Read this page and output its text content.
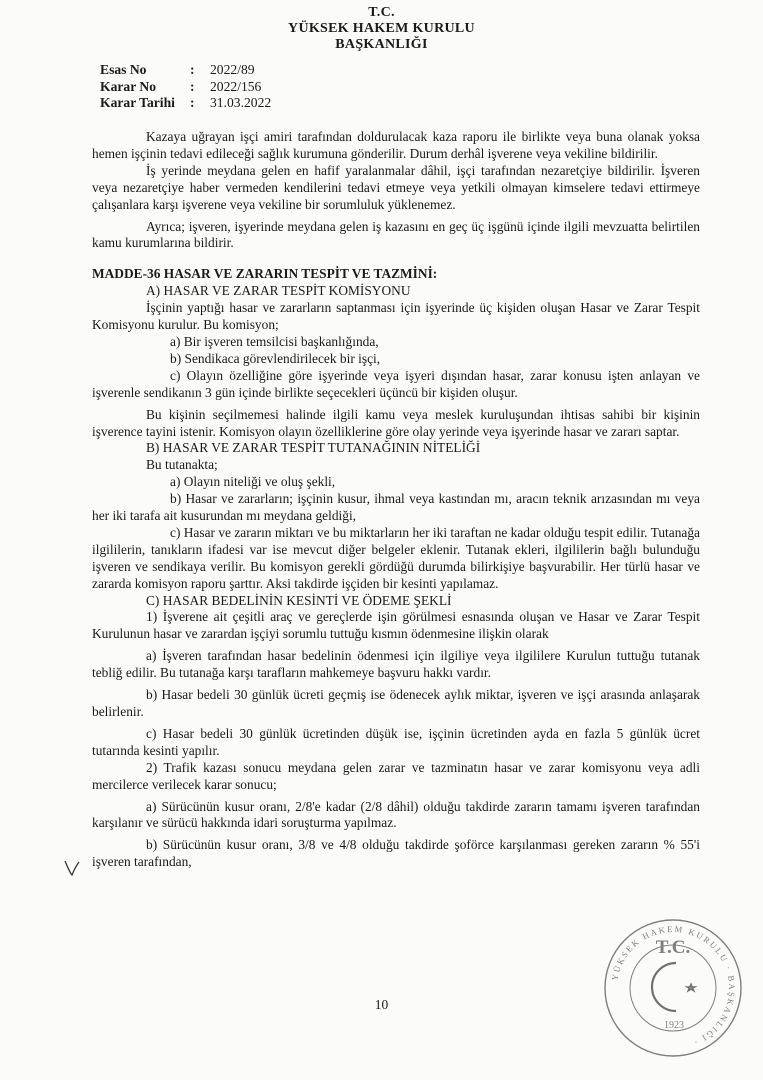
T.C.
YÜKSEK HAKEM KURULU
BAŞKANLIĞI
Esas No	:	2022/89
Karar No	:	2022/156
Karar Tarihi	:	31.03.2022

Kazaya uğrayan işçi amiri tarafından doldurulacak kaza raporu ile birlikte veya buna olanak yoksa hemen işçinin tedavi edileceği sağlık kurumuna gönderilir. Durum derhâl işverene veya vekiline bildirilir.

İş yerinde meydana gelen en hafif yaralanmalar dâhil, işçi tarafından nezaretçiye bildirilir. İşveren veya nezaretçiye haber vermeden kendilerini tedavi etmeye veya yetkili olmayan kimselere tedavi ettirmeye çalışanlara karşı işverene veya vekiline bir sorumluluk yüklenemez.

Ayrıca; işveren, işyerinde meydana gelen iş kazasını en geç üç işgünü içinde ilgili mevzuatta belirtilen kamu kurumlarına bildirir.

MADDE-36 HASAR VE ZARARIN TESPİT VE TAZMİNİ:

A) HASAR VE ZARAR TESPİT KOMİSYONU

İşçinin yaptığı hasar ve zararların saptanması için işyerinde üç kişiden oluşan Hasar ve Zarar Tespit Komisyonu kurulur. Bu komisyon;

a) Bir işveren temsilcisi başkanlığında,

b) Sendikaca görevlendirilecek bir işçi,

c) Olayın özelliğine göre işyerinde veya işyeri dışından hasar, zarar konusu işten anlayan ve işverenle sendikanın 3 gün içinde birlikte seçecekleri üçüncü bir kişiden oluşur.

Bu kişinin seçilmemesi halinde ilgili kamu veya meslek kuruluşundan ihtisas sahibi bir kişinin işverence tayini istenir. Komisyon olayın özelliklerine göre olay yerinde veya işyerinde hasar ve zararı saptar.

B) HASAR VE ZARAR TESPİT TUTANAĞININ NİTELİĞİ

Bu tutanakta;

a) Olayın niteliği ve oluş şekli,

b) Hasar ve zararların; işçinin kusur, ihmal veya kastından mı, aracın teknik arızasından mı veya her iki tarafa ait kusurundan mı meydana geldiği,

c) Hasar ve zararın miktarı ve bu miktarların her iki taraftan ne kadar olduğu tespit edilir. Tutanağa ilgililerin, tanıkların ifadesi var ise mevcut diğer belgeler eklenir. Tutanak ekleri, ilgililerin bağlı bulunduğu işveren ve sendikaya verilir. Bu komisyon gerekli gördüğü durumda bilirkişiye başvurabilir. Her türlü hasar ve zararda komisyon raporu şarttır. Aksi takdirde işçiden bir kesinti yapılamaz.

C) HASAR BEDELİNİN KESİNTİ VE ÖDEME ŞEKLİ

1) İşverene ait çeşitli araç ve gereçlerde işin görülmesi esnasında oluşan ve Hasar ve Zarar Tespit Kurulunun hasar ve zarardan işçiyi sorumlu tuttuğu kısmın ödenmesine ilişkin olarak

a) İşveren tarafından hasar bedelinin ödenmesi için ilgiliye veya ilgililere Kurulun tuttuğu tutanak tebliğ edilir. Bu tutanağa karşı tarafların mahkemeye başvuru hakkı vardır.

b) Hasar bedeli 30 günlük ücreti geçmiş ise ödenecek aylık miktar, işveren ve işçi arasında anlaşarak belirlenir.

c) Hasar bedeli 30 günlük ücretinden düşük ise, işçinin ücretinden ayda en fazla 5 günlük ücret tutarında kesinti yapılır.

2) Trafik kazası sonucu meydana gelen zarar ve tazminatın hasar ve zarar komisyonu veya adli mercilerce verilecek karar sonucu;

a) Sürücünün kusur oranı, 2/8'e kadar (2/8 dâhil) olduğu takdirde zararın tamamı işveren tarafından karşılanır ve sürücü hakkında idari soruşturma yapılmaz.

b) Sürücünün kusur oranı, 3/8 ve 4/8 olduğu takdirde şoförce karşılanması gereken zararın % 55'i işveren tarafından,

10
T.C.
1923
YÜKSEK HAKEM KURULU · BAŞKANLIĞI ·
